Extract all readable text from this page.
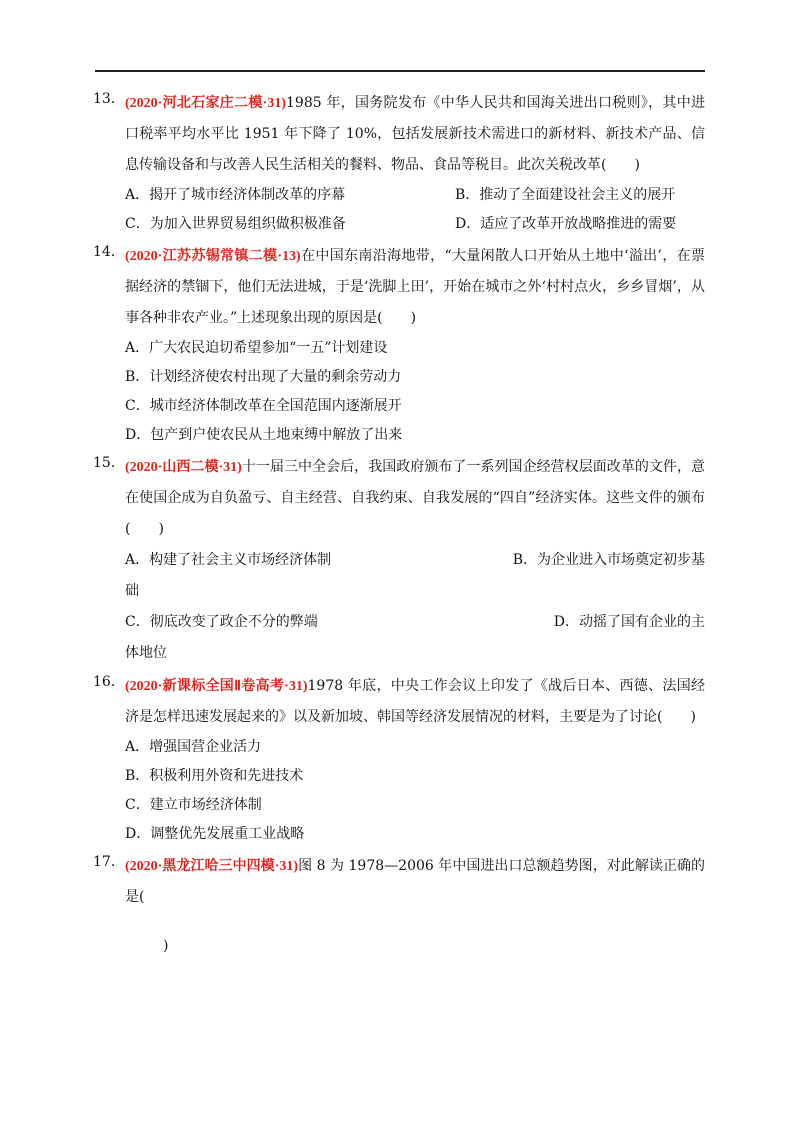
13． (2020·河北石家庄二模·31)1985 年，国务院发布《中华人民共和国海关进出口税则》，其中进口税率平均水平比 1951 年下降了 10%，包括发展新技术需进口的新材料、新技术产品、信息传输设备和与改善人民生活相关的餐料、物品、食品等税目。此次关税改革(　　)

A．揭开了城市经济体制改革的序幕	B．推动了全面建设社会主义的展开
C．为加入世界贸易组织做积极准备	D．适应了改革开放战略推进的需要
14． (2020·江苏苏锡常镇二模·13)在中国东南沿海地带，“大量闲散人口开始从土地中‘溢出’，在票据经济的禁锢下，他们无法进城，于是‘洗脚上田’，开始在城市之外‘村村点火，乡乡冒烟’，从事各种非农产业。”上述现象出现的原因是(　　)

A．广大农民迫切希望参加“一五”计划建设
B．计划经济使农村出现了大量的剩余劳动力
C．城市经济体制改革在全国范围内逐渐展开
D．包产到户使农民从土地束缚中解放了出来
15． (2020·山西二模·31)十一届三中全会后，我国政府颁布了一系列国企经营权层面改革的文件，意在使国企成为自负盈亏、自主经营、自我约束、自我发展的“四自”经济实体。这些文件的颁布(　　)

A．构建了社会主义市场经济体制	B．为企业进入市场奠定初步基
础
C．彻底改变了政企不分的弊端	D．动摇了国有企业的主
体地位
16． (2020·新课标全国Ⅱ卷高考·31)1978 年底，中央工作会议上印发了《战后日本、西德、法国经济是怎样迅速发展起来的》以及新加坡、韩国等经济发展情况的材料，主要是为了讨论(　　)

A．增强国营企业活力
B．积极利用外资和先进技术
C．建立市场经济体制
D．调整优先发展重工业战略
17． (2020·黑龙江哈三中四模·31)图 8 为 1978—2006 年中国进出口总额趋势图，对此解读正确的是(

)
